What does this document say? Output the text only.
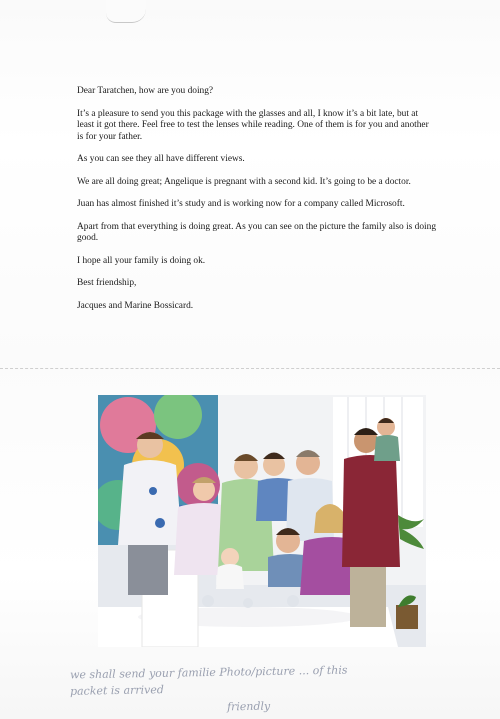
Dear Taratchen, how are you doing?

It’s a pleasure to send you this package with the glasses and all, I know it’s a bit late, but at least it got there. Feel free to test the lenses while reading. One of them is for you and another is for your father.

As you can see they all have different views.

We are all doing great; Angelique is pregnant with a second kid. It’s going to be a doctor.

Juan has almost finished it’s study and is working now for a company called Microsoft.

Apart from that everything is doing great. As you can see on the picture the family also is doing good.

I hope all your family is doing ok.

Best friendship,

Jacques and Marine Bossicard.

we shall send your familie Photo/picture ... of this
packet is arrived
friendly
